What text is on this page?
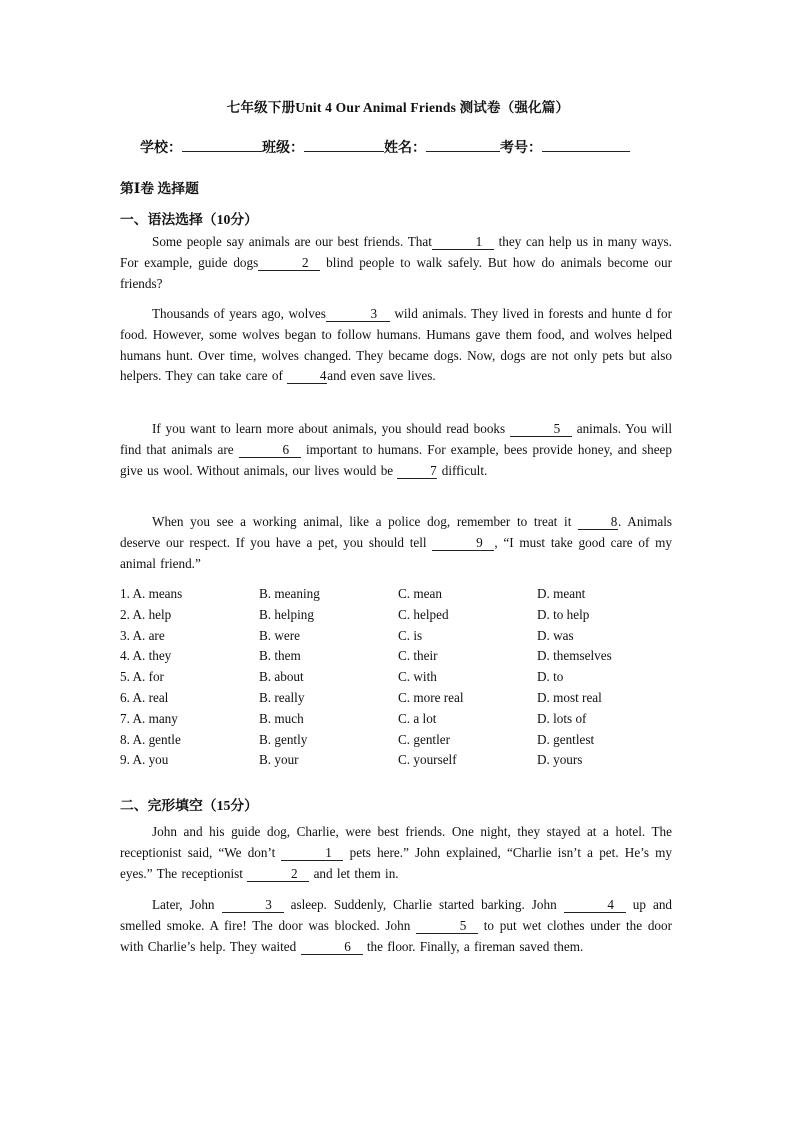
七年级下册Unit 4 Our Animal Friends 测试卷（强化篇）
学校：	班级：	姓名：	考号：
第Ⅰ卷 选择题
一、语法选择（10分）

Some people say animals are our best friends. That	1 they can help us in many ways. For example, guide dogs	2 blind people to walk safely. But how do animals become our friends?

Thousands of years ago, wolves	3 wild animals. They lived in forests and hunte d for food. However, some wolves began to follow humans. Humans gave them food, and wolves helped humans hunt. Over time, wolves changed. They became dogs. Now, dogs are not only pets but also helpers. They can take care of 4and even save lives.

If you want to learn more about animals, you should read books	5 animals. You will find that animals are	6 important to humans. For example, bees provide honey, and sheep give us wool. Without animals, our lives would be 7 difficult.

When you see a working animal, like a police dog, remember to treat it 8. Animals deserve our respect. If you have a pet, you should tell	9 , “I must take good care of my animal friend.”

1. A. means	B. meaning	C. mean	D. meant
2. A. help	B. helping	C. helped	D. to help
3. A. are	B. were	C. is	D. was
4. A. they	B. them	C. their	D. themselves
5. A. for	B. about	C. with	D. to
6. A. real	B. really	C. more real	D. most real
7. A. many	B. much	C. a lot	D. lots of
8. A. gentle	B. gently	C. gentler	D. gentlest
9. A. you	B. your	C. yourself	D. yours
二、完形填空（15分）

John and his guide dog, Charlie, were best friends. One night, they stayed at a hotel. The receptionist said, “We don’t	1 pets here.” John explained, “Charlie isn’t a pet. He’s my eyes.” The receptionist	2 and let them in.

Later, John	3 asleep. Suddenly, Charlie started barking. John	4 up and smelled smoke. A fire! The door was blocked. John	5 to put wet clothes under the door with Charlie’s help. They waited	6 the floor. Finally, a fireman saved them.
